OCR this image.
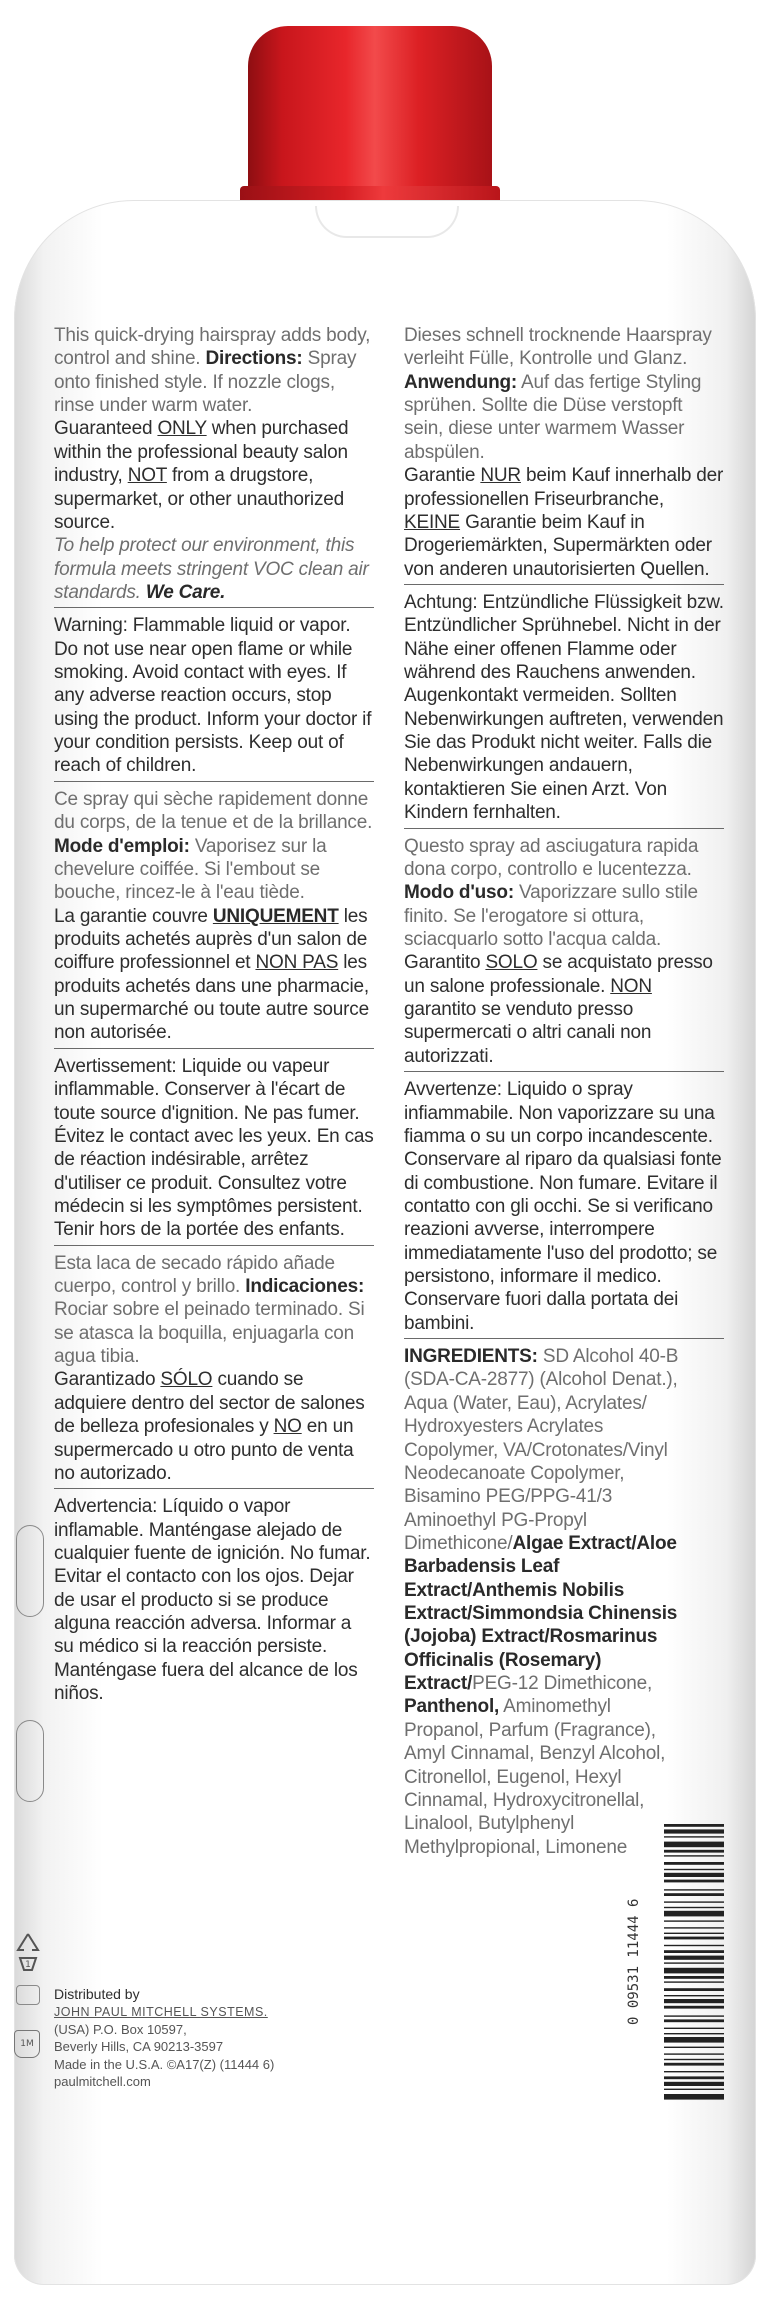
This quick-drying hairspray adds body, control and shine. Directions: Spray onto finished style. If nozzle clogs, rinse under warm water.

Guaranteed ONLY when purchased within the professional beauty salon industry, NOT from a drugstore, supermarket, or other unauthorized source.

To help protect our environment, this formula meets stringent VOC clean air standards. We Care.

Warning: Flammable liquid or vapor. Do not use near open flame or while smoking. Avoid contact with eyes. If any adverse reaction occurs, stop using the product. Inform your doctor if your condition persists. Keep out of reach of children.

Ce spray qui sèche rapidement donne du corps, de la tenue et de la brillance. Mode d'emploi: Vaporisez sur la chevelure coiffée. Si l'embout se bouche, rincez-le à l'eau tiède.

La garantie couvre UNIQUEMENT les produits achetés auprès d'un salon de coiffure professionnel et NON PAS les produits achetés dans une pharmacie, un supermarché ou toute autre source non autorisée.

Avertissement: Liquide ou vapeur inflammable. Conserver à l'écart de toute source d'ignition. Ne pas fumer. Évitez le contact avec les yeux. En cas de réaction indésirable, arrêtez d'utiliser ce produit. Consultez votre médecin si les symptômes persistent. Tenir hors de la portée des enfants.

Esta laca de secado rápido añade cuerpo, control y brillo. Indicaciones: Rociar sobre el peinado terminado. Si se atasca la boquilla, enjuagarla con agua tibia.

Garantizado SÓLO cuando se adquiere dentro del sector de salones de belleza profesionales y NO en un supermercado u otro punto de venta no autorizado.

Advertencia: Líquido o vapor inflamable. Manténgase alejado de cualquier fuente de ignición. No fumar. Evitar el contacto con los ojos. Dejar de usar el producto si se produce alguna reacción adversa. Informar a su médico si la reacción persiste. Manténgase fuera del alcance de los niños.

Dieses schnell trocknende Haarspray verleiht Fülle, Kontrolle und Glanz. Anwendung: Auf das fertige Styling sprühen. Sollte die Düse verstopft sein, diese unter warmem Wasser abspülen.

Garantie NUR beim Kauf innerhalb der professionellen Friseurbranche, KEINE Garantie beim Kauf in Drogeriemärkten, Supermärkten oder von anderen unautorisierten Quellen.

Achtung: Entzündliche Flüssigkeit bzw. Entzündlicher Sprühnebel. Nicht in der Nähe einer offenen Flamme oder während des Rauchens anwenden. Augenkontakt vermeiden. Sollten Nebenwirkungen auftreten, verwenden Sie das Produkt nicht weiter. Falls die Nebenwirkungen andauern, kontaktieren Sie einen Arzt. Von Kindern fernhalten.

Questo spray ad asciugatura rapida dona corpo, controllo e lucentezza. Modo d'uso: Vaporizzare sullo stile finito. Se l'erogatore si ottura, sciacquarlo sotto l'acqua calda.

Garantito SOLO se acquistato presso un salone professionale. NON garantito se venduto presso supermercati o altri canali non autorizzati.

Avvertenze: Liquido o spray infiammabile. Non vaporizzare su una fiamma o su un corpo incandescente. Conservare al riparo da qualsiasi fonte di combustione. Non fumare. Evitare il contatto con gli occhi. Se si verificano reazioni avverse, interrompere immediatamente l'uso del prodotto; se persistono, informare il medico. Conservare fuori dalla portata dei bambini.

INGREDIENTS: SD Alcohol 40-B (SDA-CA-2877) (Alcohol Denat.), Aqua (Water, Eau), Acrylates/ Hydroxyesters Acrylates Copolymer, VA/Crotonates/Vinyl Neodecanoate Copolymer, Bisamino PEG/PPG-41/3 Aminoethyl PG-Propyl Dimethicone/Algae Extract/Aloe Barbadensis Leaf Extract/Anthemis Nobilis Extract/Simmondsia Chinensis (Jojoba) Extract/Rosmarinus Officinalis (Rosemary) Extract/PEG-12 Dimethicone, Panthenol, Aminomethyl Propanol, Parfum (Fragrance), Amyl Cinnamal, Benzyl Alcohol, Citronellol, Eugenol, Hexyl Cinnamal, Hydroxycitronellal, Linalool, Butylphenyl Methylpropional, Limonene

1
1M
Distributed by
JOHN PAUL MITCHELL SYSTEMS.
(USA) P.O. Box 10597,
Beverly Hills, CA 90213-3597
Made in the U.S.A. ©A17(Z) (11444 6)
paulmitchell.com
0 09531 11444 6
